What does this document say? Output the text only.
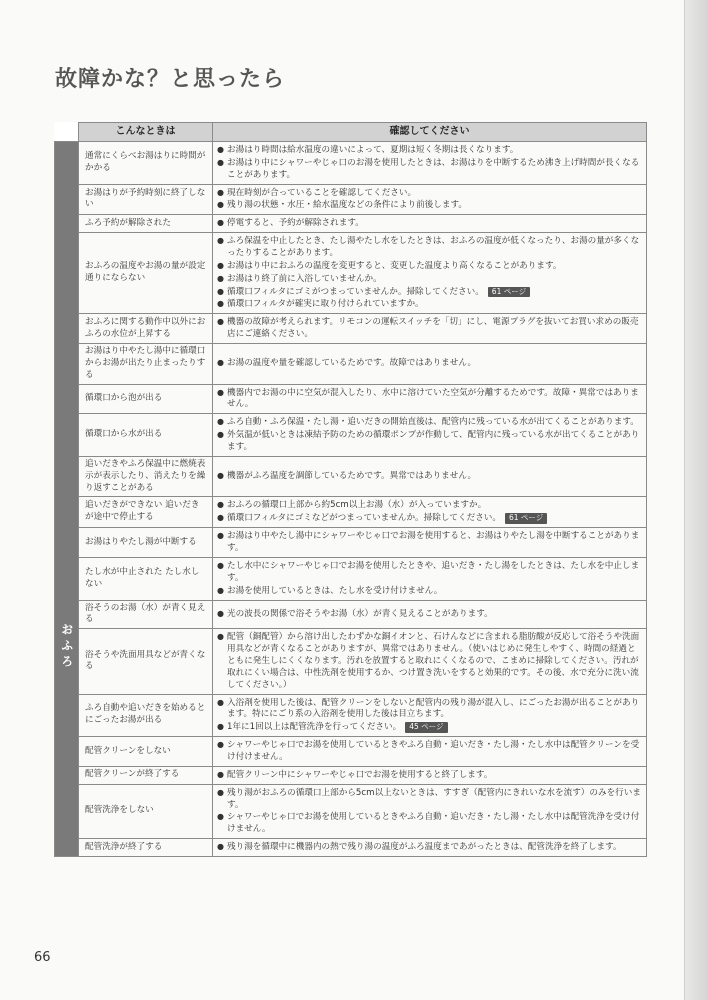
故障かな？と思ったら
	こんなときは	確認してください
おふろ	通常にくらべお湯はりに時間がかかる	● お湯はり時間は給水温度の違いによって、夏期は短く冬期は長くなります。
● お湯はり中にシャワーやじゃ口のお湯を使用したときは、お湯はりを中断するため沸き上げ時間が長くなることがあります。

	お湯はりが予約時刻に終了しない	● 現在時刻が合っていることを確認してください。
● 残り湯の状態・水圧・給水温度などの条件により前後します。

	ふろ予約が解除された	● 停電すると、予約が解除されます。

	おふろの温度やお湯の量が設定通りにならない	● ふろ保温を中止したとき、たし湯やたし水をしたときは、おふろの温度が低くなったり、お湯の量が多くなったりすることがあります。
● お湯はり中におふろの温度を変更すると、変更した温度より高くなることがあります。
● お湯はり終了前に入浴していませんか。
● 循環口フィルタにゴミがつまっていませんか。掃除してください。 61 ページ
● 循環口フィルタが確実に取り付けられていますか。

	おふろに関する動作中以外におふろの水位が上昇する	● 機器の故障が考えられます。リモコンの運転スイッチを「切」にし、電源プラグを抜いてお買い求めの販売店にご連絡ください。

	お湯はり中やたし湯中に循環口からお湯が出たり止まったりする	● お湯の温度や量を確認しているためです。故障ではありません。

	循環口から泡が出る	● 機器内でお湯の中に空気が混入したり、水中に溶けていた空気が分離するためです。故障・異常ではありません。

	循環口から水が出る	● ふろ自動・ふろ保温・たし湯・追いだきの開始直後は、配管内に残っている水が出てくることがあります。
● 外気温が低いときは凍結予防のための循環ポンプが作動して、配管内に残っている水が出てくることがあります。

	追いだきやふろ保温中に燃焼表示が表示したり、消えたりを繰り返すことがある	● 機器がふろ温度を調節しているためです。異常ではありません。

	追いだきができない 追いだきが途中で停止する	● おふろの循環口上部から約5cm以上お湯（水）が入っていますか。
● 循環口フィルタにゴミなどがつまっていませんか。掃除してください。 61 ページ

	お湯はりやたし湯が中断する	● お湯はり中やたし湯中にシャワーやじゃ口でお湯を使用すると、お湯はりやたし湯を中断することがあります。

	たし水が中止された たし水しない	● たし水中にシャワーやじゃ口でお湯を使用したときや、追いだき・たし湯をしたときは、たし水を中止します。
● お湯を使用しているときは、たし水を受け付けません。

	浴そうのお湯（水）が青く見える	● 光の波長の関係で浴そうやお湯（水）が青く見えることがあります。

	浴そうや洗面用具などが青くなる	● 配管（銅配管）から溶け出したわずかな銅イオンと、石けんなどに含まれる脂肪酸が反応して浴そうや洗面用具などが青くなることがありますが、異常ではありません。（使いはじめに発生しやすく、時間の経過とともに発生しにくくなります。汚れを放置すると取れにくくなるので、こまめに掃除してください。汚れが取れにくい場合は、中性洗剤を使用するか、つけ置き洗いをすると効果的です。その後、水で充分に洗い流してください。）

	ふろ自動や追いだきを始めるとにごったお湯が出る	● 入浴剤を使用した後は、配管クリーンをしないと配管内の残り湯が混入し、にごったお湯が出ることがあります。特ににごり系の入浴剤を使用した後は目立ちます。
● 1年に1回以上は配管洗浄を行ってください。 45 ページ

	配管クリーンをしない	● シャワーやじゃ口でお湯を使用しているときやふろ自動・追いだき・たし湯・たし水中は配管クリーンを受け付けません。

	配管クリーンが終了する	● 配管クリーン中にシャワーやじゃ口でお湯を使用すると終了します。

	配管洗浄をしない	● 残り湯がおふろの循環口上部から5cm以上ないときは、すすぎ（配管内にきれいな水を流す）のみを行います。
● シャワーやじゃ口でお湯を使用しているときやふろ自動・追いだき・たし湯・たし水中は配管洗浄を受け付けません。

	配管洗浄が終了する	● 残り湯を循環中に機器内の熱で残り湯の温度がふろ温度まであがったときは、配管洗浄を終了します。
66
